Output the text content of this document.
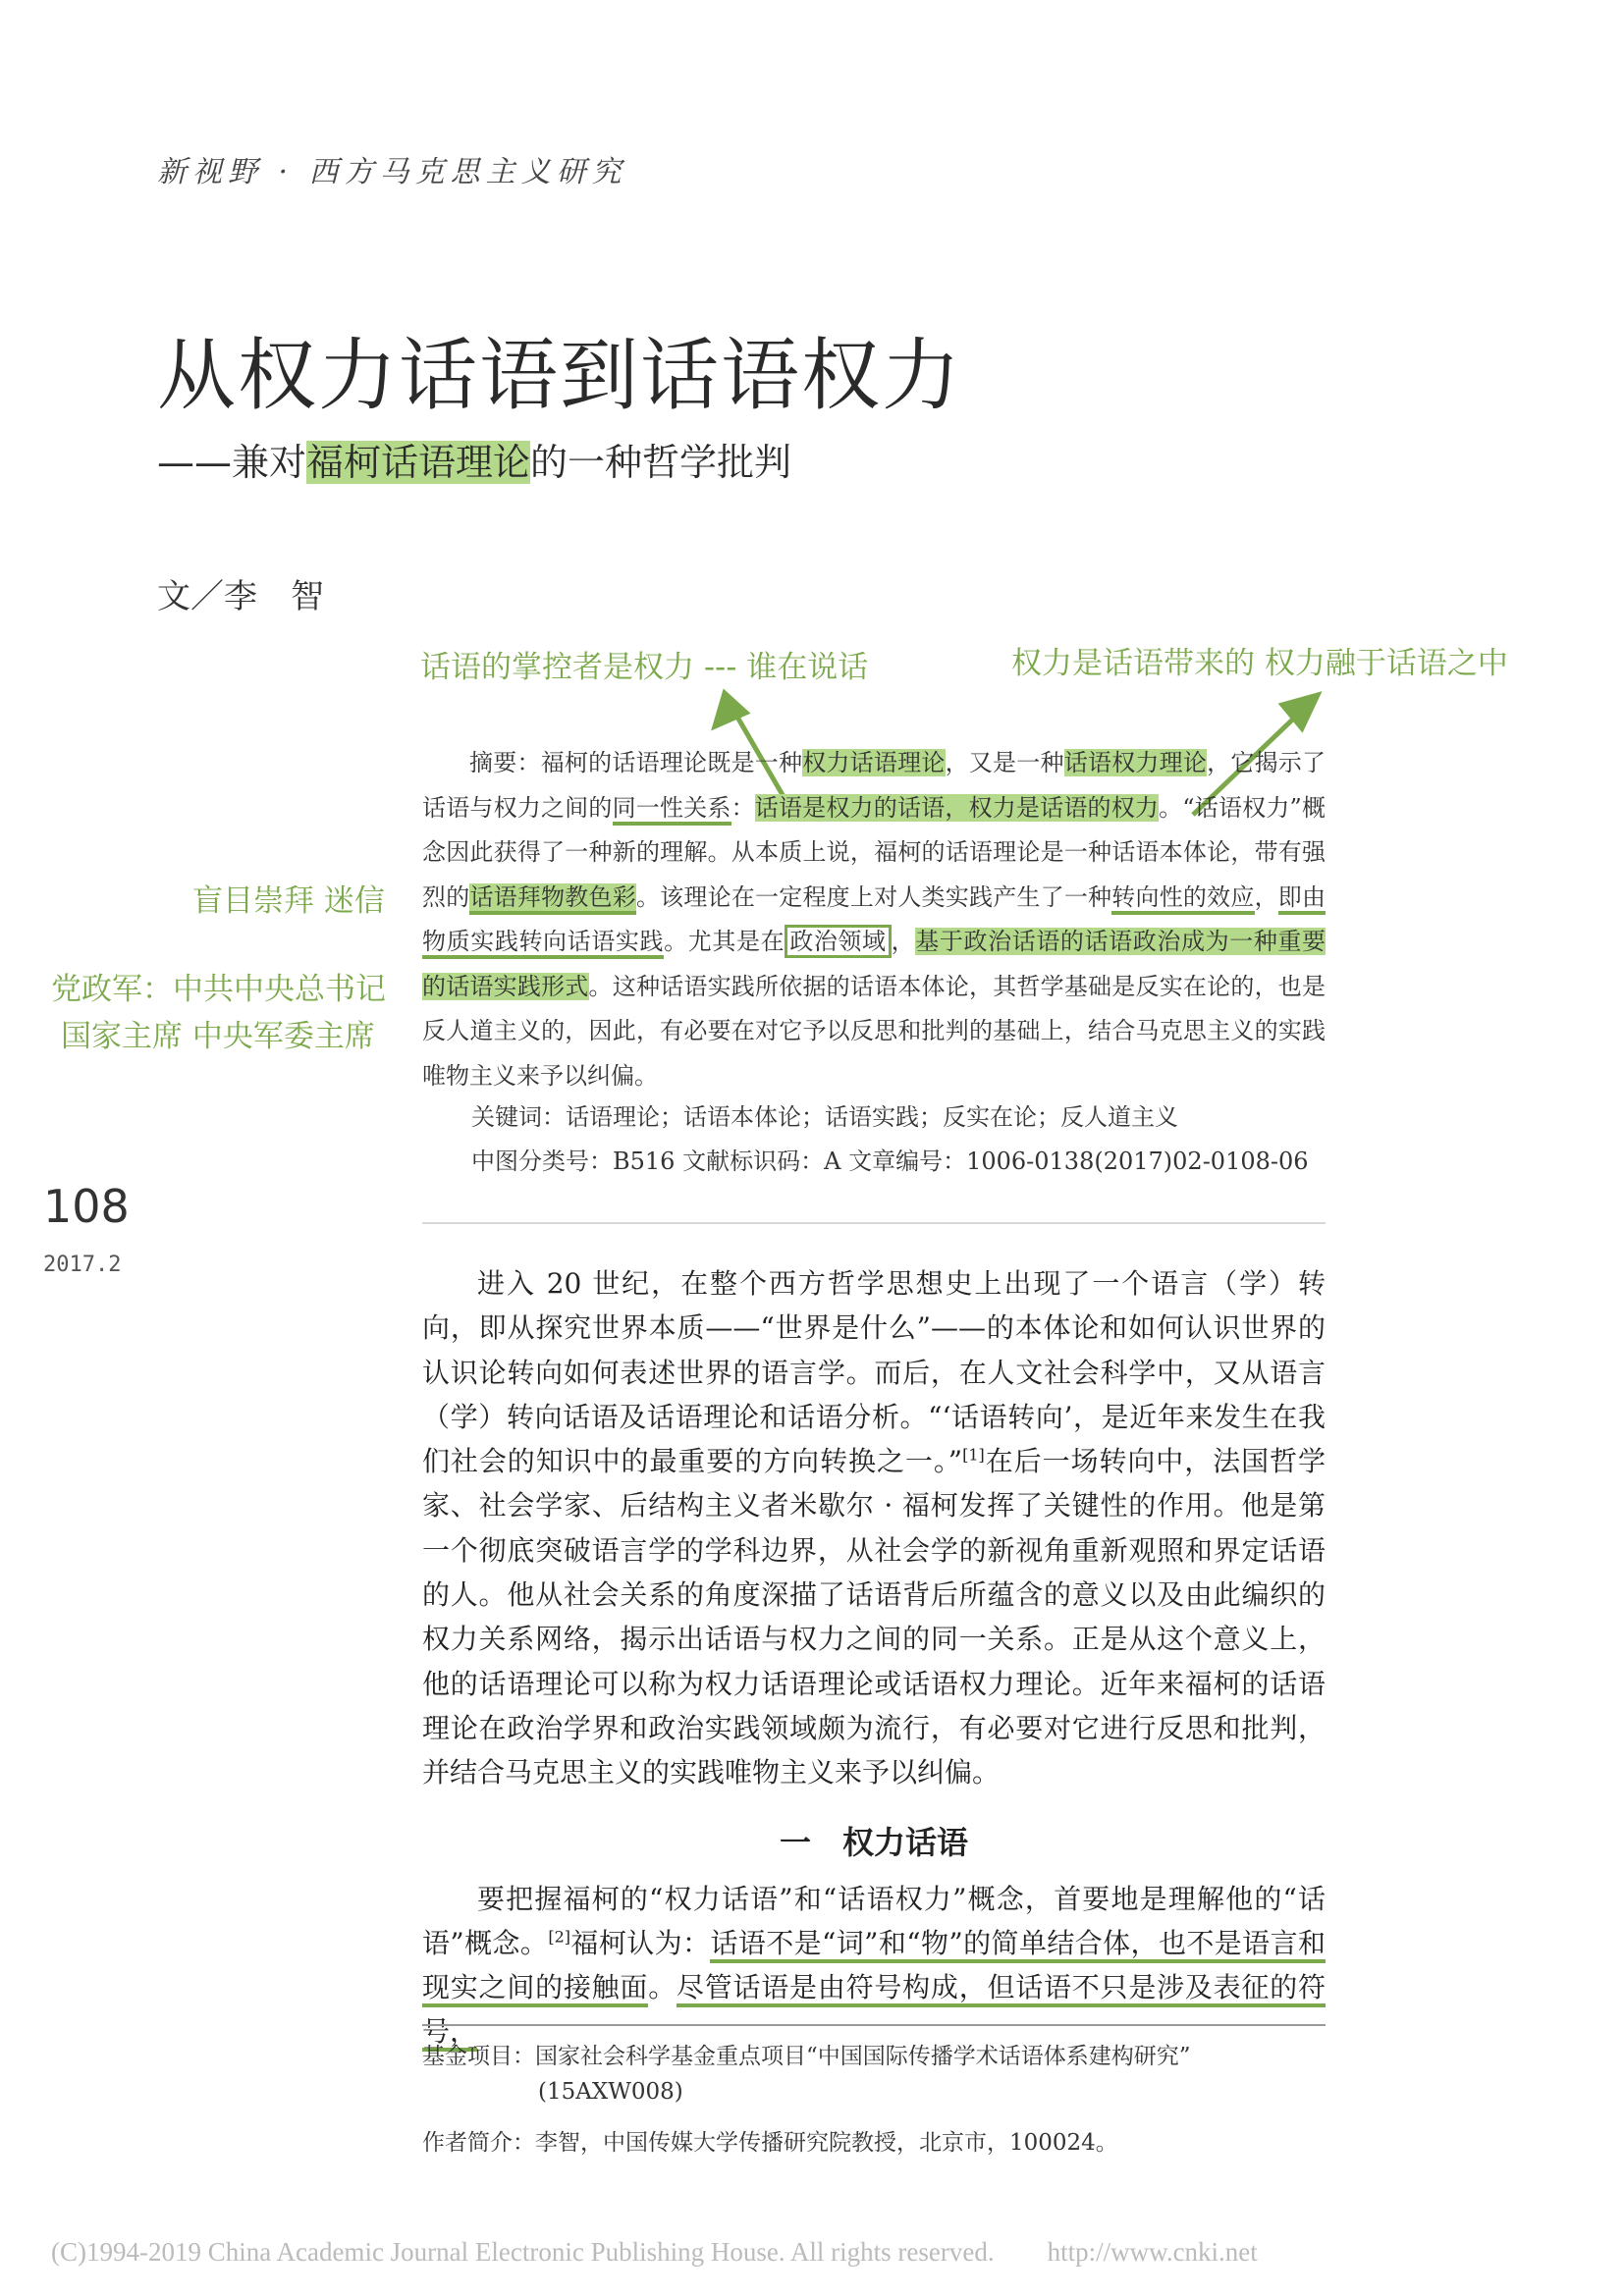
新视野 · 西方马克思主义研究
从权力话语到话语权力
——兼对福柯话语理论的一种哲学批判
文／李　智
话语的掌控者是权力 --- 谁在说话	权力是话语带来的 权力融于话语之中
盲目崇拜 迷信
党政军：中共中央总书记
国家主席 中央军委主席

摘要：福柯的话语理论既是一种权力话语理论，又是一种话语权力理论，它揭示了话语与权力之间的同一性关系：话语是权力的话语，权力是话语的权力。“话语权力”概念因此获得了一种新的理解。从本质上说，福柯的话语理论是一种话语本体论，带有强烈的话语拜物教色彩。该理论在一定程度上对人类实践产生了一种转向性的效应，即由物质实践转向话语实践。尤其是在 政治领域 ，基于政治话语的话语政治成为一种重要的话语实践形式。这种话语实践所依据的话语本体论，其哲学基础是反实在论的，也是反人道主义的，因此，有必要在对它予以反思和批判的基础上，结合马克思主义的实践唯物主义来予以纠偏。

关键词：话语理论；话语本体论；话语实践；反实在论；反人道主义
中图分类号：B516 文献标识码：A 文章编号：1006-0138(2017)02-0108-06
108
2017.2

进入 20 世纪，在整个西方哲学思想史上出现了一个语言（学）转向，即从探究世界本质——“世界是什么”——的本体论和如何认识世界的认识论转向如何表述世界的语言学。而后，在人文社会科学中，又从语言（学）转向话语及话语理论和话语分析。“‘话语转向’，是近年来发生在我们社会的知识中的最重要的方向转换之一。”[1]在后一场转向中，法国哲学家、社会学家、后结构主义者米歇尔 · 福柯发挥了关键性的作用。他是第一个彻底突破语言学的学科边界，从社会学的新视角重新观照和界定话语的人。他从社会关系的角度深描了话语背后所蕴含的意义以及由此编织的权力关系网络，揭示出话语与权力之间的同一关系。正是从这个意义上，他的话语理论可以称为权力话语理论或话语权力理论。近年来福柯的话语理论在政治学界和政治实践领域颇为流行，有必要对它进行反思和批判，并结合马克思主义的实践唯物主义来予以纠偏。

一　权力话语

要把握福柯的“权力话语”和“话语权力”概念，首要地是理解他的“话语”概念。[2]福柯认为：话语不是“词”和“物”的简单结合体，也不是语言和现实之间的接触面。尽管话语是由符号构成，但话语不只是涉及表征的符号，

基金项目：国家社会科学基金重点项目“中国国际传播学术话语体系建构研究”
(15AXW008)
作者简介：李智，中国传媒大学传播研究院教授，北京市，100024。
(C)1994-2019 China Academic Journal Electronic Publishing House. All rights reserved.　　http://www.cnki.net
